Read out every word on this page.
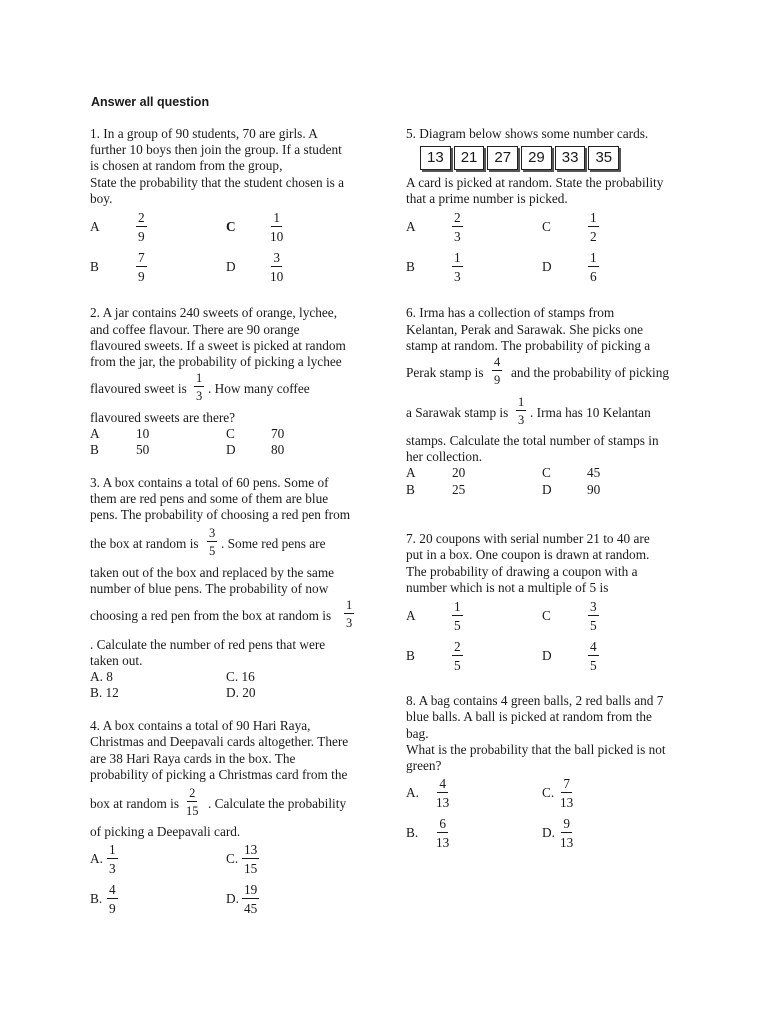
Answer all question
1. In a group of 90 students, 70 are girls. A
further 10 boys then join the group. If a student
is chosen at random from the group,
State the probability that the student chosen is a
boy.
A	$\frac{2}{9}$	C	$\frac{1}{10}$
B	$\frac{7}{9}$	D	$\frac{3}{10}$
2. A jar contains 240 sweets of orange, lychee,
and coffee flavour. There are 90 orange
flavoured sweets. If a sweet is picked at random
from the jar, the probability of picking a lychee
flavoured sweet is $\frac{1}{3}$ . How many coffee
flavoured sweets are there?
A	10	C	70
B	50	D	80
3. A box contains a total of 60 pens. Some of
them are red pens and some of them are blue
pens. The probability of choosing a red pen from
the box at random is $\frac{3}{5}$ . Some red pens are
taken out of the box and replaced by the same
number of blue pens. The probability of now
choosing a red pen from the box at random is $\frac{1}{3}$
. Calculate the number of red pens that were
taken out.
A. 8	C. 16
B. 12	D. 20
4. A box contains a total of 90 Hari Raya,
Christmas and Deepavali cards altogether. There
are 38 Hari Raya cards in the box. The
probability of picking a Christmas card from the
box at random is $\frac{2}{15}$ . Calculate the probability
of picking a Deepavali card.
A. $\frac{1}{3}$	C. $\frac{13}{15}$
B. $\frac{4}{9}$	D. $\frac{19}{45}$
5. Diagram below shows some number cards.
13	21	27	29	33	35
A card is picked at random. State the probability
that a prime number is picked.
A	$\frac{2}{3}$	C	$\frac{1}{2}$
B	$\frac{1}{3}$	D	$\frac{1}{6}$
6. Irma has a collection of stamps from
Kelantan, Perak and Sarawak. She picks one
stamp at random. The probability of picking a
Perak stamp is $\frac{4}{9}$ and the probability of picking
a Sarawak stamp is $\frac{1}{3}$ . Irma has 10 Kelantan
stamps. Calculate the total number of stamps in
her collection.
A	20	C	45
B	25	D	90
7. 20 coupons with serial number 21 to 40 are
put in a box. One coupon is drawn at random.
The probability of drawing a coupon with a
number which is not a multiple of 5 is
A	$\frac{1}{5}$	C	$\frac{3}{5}$
B	$\frac{2}{5}$	D	$\frac{4}{5}$
8. A bag contains 4 green balls, 2 red balls and 7
blue balls. A ball is picked at random from the
bag.
What is the probability that the ball picked is not
green?
A. $\frac{4}{13}$	C. $\frac{7}{13}$
B. $\frac{6}{13}$	D. $\frac{9}{13}$
